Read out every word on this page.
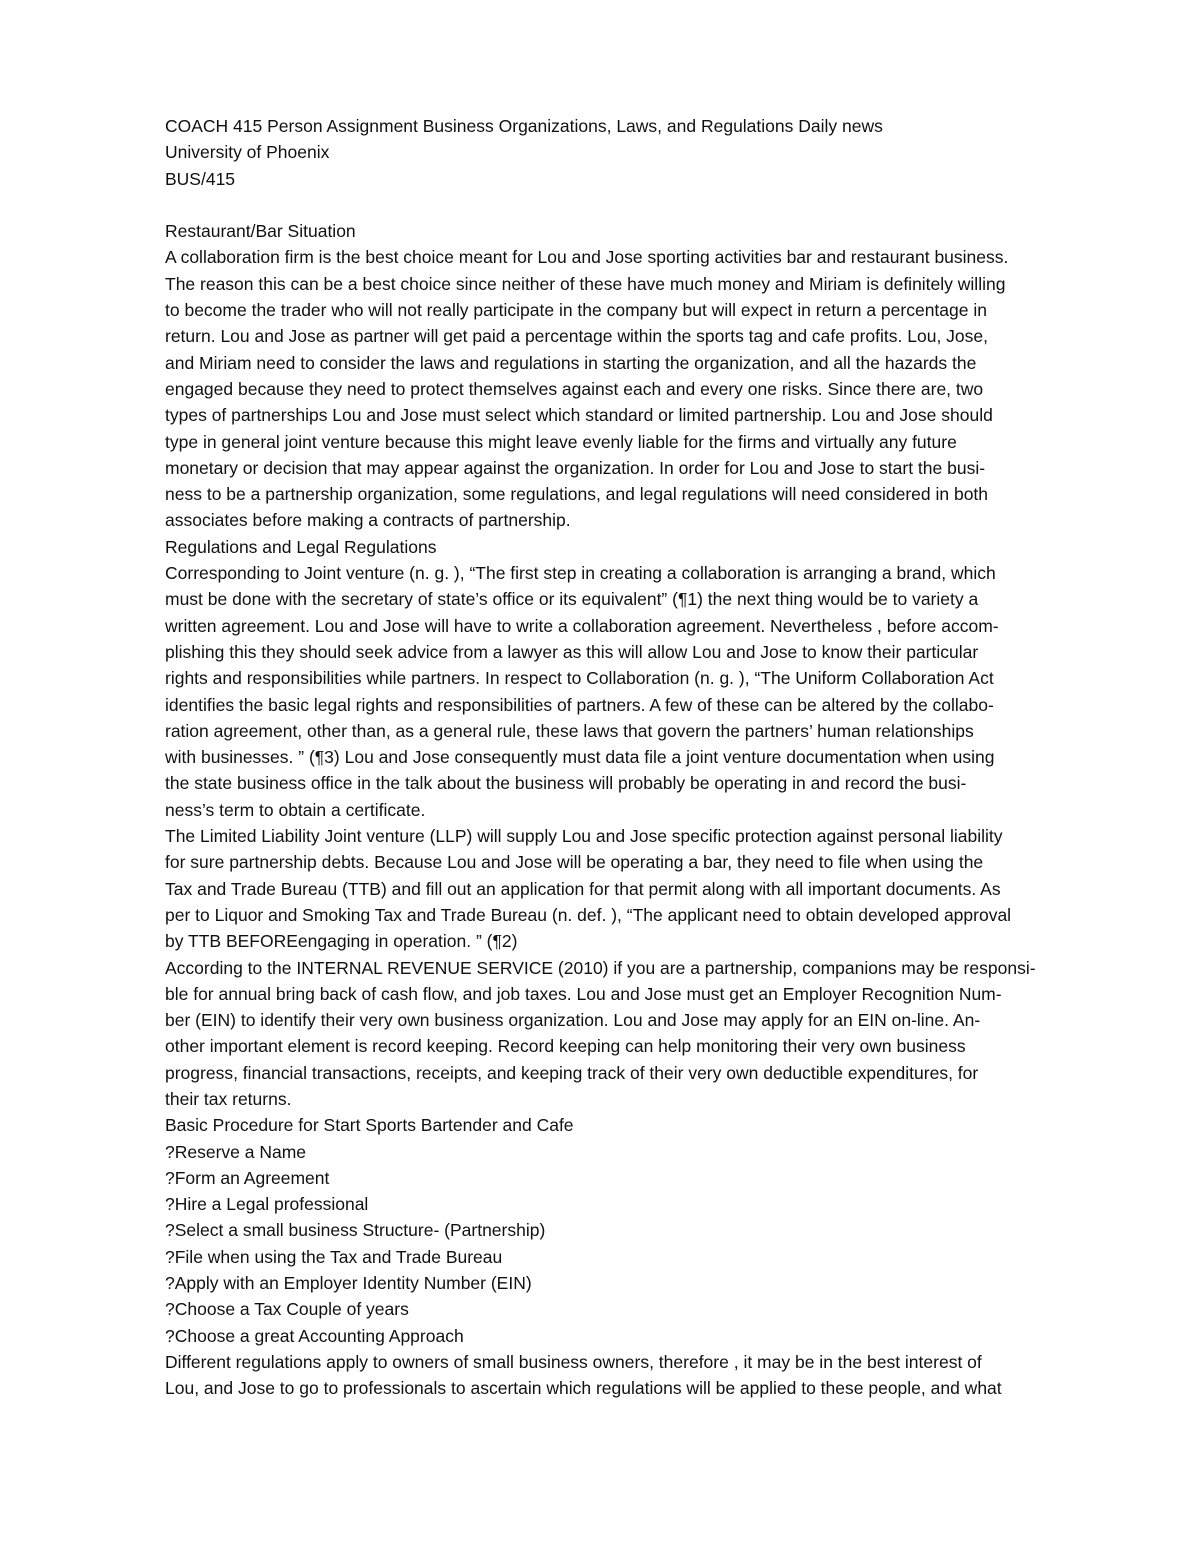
COACH 415 Person Assignment Business Organizations, Laws, and Regulations Daily news
University of Phoenix
BUS/415
Restaurant/Bar Situation
A collaboration firm is the best choice meant for Lou and Jose sporting activities bar and restaurant business.
The reason this can be a best choice since neither of these have much money and Miriam is definitely willing
to become the trader who will not really participate in the company but will expect in return a percentage in
return. Lou and Jose as partner will get paid a percentage within the sports tag and cafe profits. Lou, Jose,
and Miriam need to consider the laws and regulations in starting the organization, and all the hazards the
engaged because they need to protect themselves against each and every one risks. Since there are, two
types of partnerships Lou and Jose must select which standard or limited partnership. Lou and Jose should
type in general joint venture because this might leave evenly liable for the firms and virtually any future
monetary or decision that may appear against the organization. In order for Lou and Jose to start the busi-
ness to be a partnership organization, some regulations, and legal regulations will need considered in both
associates before making a contracts of partnership.
Regulations and Legal Regulations
Corresponding to Joint venture (n. g. ), “The first step in creating a collaboration is arranging a brand, which
must be done with the secretary of state’s office or its equivalent” (¶1) the next thing would be to variety a
written agreement. Lou and Jose will have to write a collaboration agreement. Nevertheless , before accom-
plishing this they should seek advice from a lawyer as this will allow Lou and Jose to know their particular
rights and responsibilities while partners. In respect to Collaboration (n. g. ), “The Uniform Collaboration Act
identifies the basic legal rights and responsibilities of partners. A few of these can be altered by the collabo-
ration agreement, other than, as a general rule, these laws that govern the partners’ human relationships
with businesses. ” (¶3) Lou and Jose consequently must data file a joint venture documentation when using
the state business office in the talk about the business will probably be operating in and record the busi-
ness’s term to obtain a certificate.
The Limited Liability Joint venture (LLP) will supply Lou and Jose specific protection against personal liability
for sure partnership debts. Because Lou and Jose will be operating a bar, they need to file when using the
Tax and Trade Bureau (TTB) and fill out an application for that permit along with all important documents. As
per to Liquor and Smoking Tax and Trade Bureau (n. def. ), “The applicant need to obtain developed approval
by TTB BEFOREengaging in operation. ” (¶2)
According to the INTERNAL REVENUE SERVICE (2010) if you are a partnership, companions may be responsi-
ble for annual bring back of cash flow, and job taxes. Lou and Jose must get an Employer Recognition Num-
ber (EIN) to identify their very own business organization. Lou and Jose may apply for an EIN on-line. An-
other important element is record keeping. Record keeping can help monitoring their very own business
progress, financial transactions, receipts, and keeping track of their very own deductible expenditures, for
their tax returns.
Basic Procedure for Start Sports Bartender and Cafe
?Reserve a Name
?Form an Agreement
?Hire a Legal professional
?Select a small business Structure- (Partnership)
?File when using the Tax and Trade Bureau
?Apply with an Employer Identity Number (EIN)
?Choose a Tax Couple of years
?Choose a great Accounting Approach
Different regulations apply to owners of small business owners, therefore , it may be in the best interest of
Lou, and Jose to go to professionals to ascertain which regulations will be applied to these people, and what
